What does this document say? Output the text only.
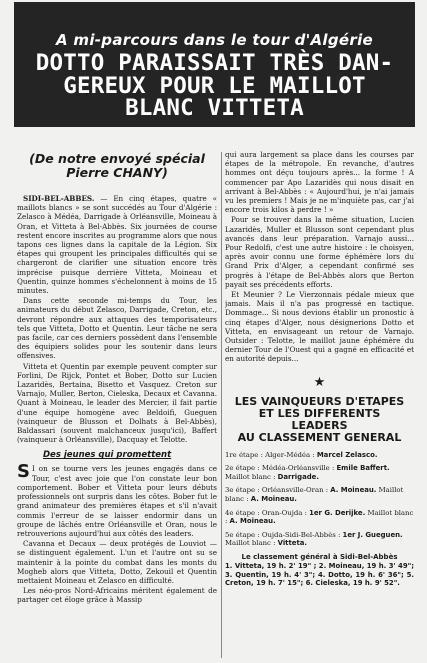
A mi-parcours dans le tour d'Algérie
DOTTO PARAISSAIT TRÈS DAN-
GEREUX POUR LE MAILLOT
BLANC VITTETA
(De notre envoyé spécial
Pierre CHANY)

SIDI-BEL-ABBES. — En cinq étapes, quatre « maillots blancs » se sont succédés au Tour d'Algérie : Zelasco à Médéa, Darrigade à Orléansville, Moineau à Oran, et Vitteta à Bel-Abbès. Six journées de course restent encore inscrites au programme alors que nous tapons ces lignes dans la capitale de la Légion. Six étapes qui groupent les principales difficultés qui se chargeront de clarifier une situation encore très imprécise puisque derrière Vitteta, Moineau et Quentin, quinze hommes s'échelonnent à moins de 15 minutes.

Dans cette seconde mi-temps du Tour, les animateurs du début Zelasco, Darrigade, Creton, etc., devront répondre aux attaques des temporisateurs tels que Vitteta, Dotto et Quentin. Leur tâche ne sera pas facile, car ces derniers possèdent dans l'ensemble des équipiers solides pour les soutenir dans leurs offensives.

Vitteta et Quentin par exemple peuvent compter sur Forlini, De Rijck, Pontet et Bober, Dotto sur Lucien Lazaridès, Bertaina, Bisetto et Vasquez. Creton sur Varnajo, Muller, Berton, Cieleska, Decaux et Cavanna. Quant à Moineau, le leader des Mercier, il fait partie d'une équipe homogène avec Beldoifi, Gueguen (vainqueur de Blusson et Dolhats à Bel-Abbès), Baldassari (souvent malchanceux jusqu'ici), Baffert (vainqueur à Orléansville), Dacquay et Telotte.

Des jeunes qui promettent

S I on se tourne vers les jeunes engagés dans ce Tour, c'est avec joie que l'on constate leur bon comportement. Bober et Vitteta pour leurs débuts professionnels ont surpris dans les côtes. Bober fut le grand animateur des premières étapes et s'il n'avait commis l'erreur de se laisser endormir dans un groupe de lâchés entre Orléansville et Oran, nous le retrouverions aujourd'hui aux côtés des leaders.

Cavanna et Decaux — deux protégés de Louviot — se distinguent également. L'un et l'autre ont su se maintenir à la pointe du combat dans les monts du Mogheb alors que Vitteta, Dotto, Zekouil et Quentin mettaient Moineau et Zelasco en difficulté.

Les néo-pros Nord-Africains méritent également de partager cet éloge grâce à Massip

qui aura largement sa place dans les courses par étapes de la métropole. En revanche, d'autres hommes ont déçu toujours après... la forme ! A commencer par Apo Lazaridès qui nous disait en arrivant à Bel-Abbès : « Aujourd'hui, je n'ai jamais vu les premiers ! Mais je ne m'inquiète pas, car j'ai encore trois kilos à perdre ! »

Pour se trouver dans la même situation, Lucien Lazaridès, Muller et Blusson sont cependant plus avancés dans leur préparation. Varnajo aussi... Pour Redolfi, c'est une autre histoire : le choisyen, après avoir connu une forme éphémère lors du Grand Prix d'Alger, a cependant confirmé ses progrès à l'étape de Bel-Abbès alors que Berton payait ses précédents efforts.

Et Meunier ? Le Vierzonnais pédale mieux que jamais. Mais il n'a pas progressé en tactique. Dommage... Si nous devions établir un pronostic à cinq étapes d'Alger, nous désignerions Dotto et Vitteta, en envisageant un retour de Varnajo. Outsider : Telotte, le maillot jaune éphémère du dernier Tour de l'Ouest qui a gagné en efficacité et en autorité depuis...

★
LES VAINQUEURS D'ETAPES
ET LES DIFFERENTS
LEADERS
AU CLASSEMENT GENERAL

1re étape : Alger-Médéa : Marcel Zelasco.

2e étape : Médéa-Orléansville : Emile Baffert. Maillot blanc : Darrigade.

3e étape : Orléansville-Oran : A. Moineau. Maillot blanc : A. Moineau.

4e étape : Oran-Oujda : 1er G. Derijke. Maillot blanc : A. Moineau.

5e étape : Oujda-Sidi-Bel-Abbès : 1er J. Gueguen. Maillot blanc : Vitteta.

Le classement général à Sidi-Bel-Abbès

1. Vitteta, 19 h. 2' 19" ; 2. Moineau, 19 h. 3' 49"; 3. Quentin, 19 h. 4' 3"; 4. Dotto, 19 h. 6' 36"; 5. Creton, 19 h. 7' 15"; 6. Cieleska, 19 h. 9' 52".
